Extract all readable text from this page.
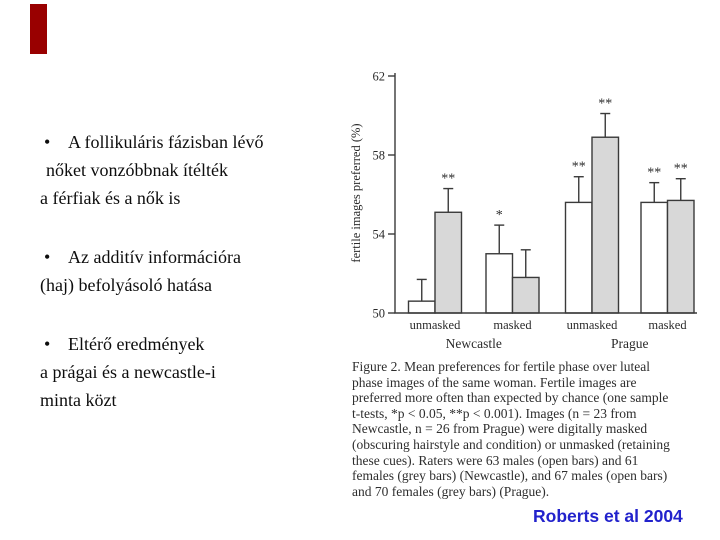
• A follikuláris fázisban lévő
nőket vonzóbbnak ítélték
a férfiak és a nők is
• Az additív információra
(haj) befolyásoló hatása
• Eltérő eredmények
a prágai és a newcastle-i
minta közt
fertile images preferred (%)
50
54
58
62
*
**	**
**
**
**
unmasked	masked	unmasked masked
Newcastle	Prague
Figure 2. Mean preferences for fertile phase over luteal
phase images of the same woman. Fertile images are
preferred more often than expected by chance (one sample
t-tests, *p < 0.05, **p < 0.001). Images (n = 23 from
Newcastle, n = 26 from Prague) were digitally masked
(obscuring hairstyle and condition) or unmasked (retaining
these cues). Raters were 63 males (open bars) and 61
females (grey bars) (Newcastle), and 67 males (open bars)
and 70 females (grey bars) (Prague).
Roberts et al 2004
